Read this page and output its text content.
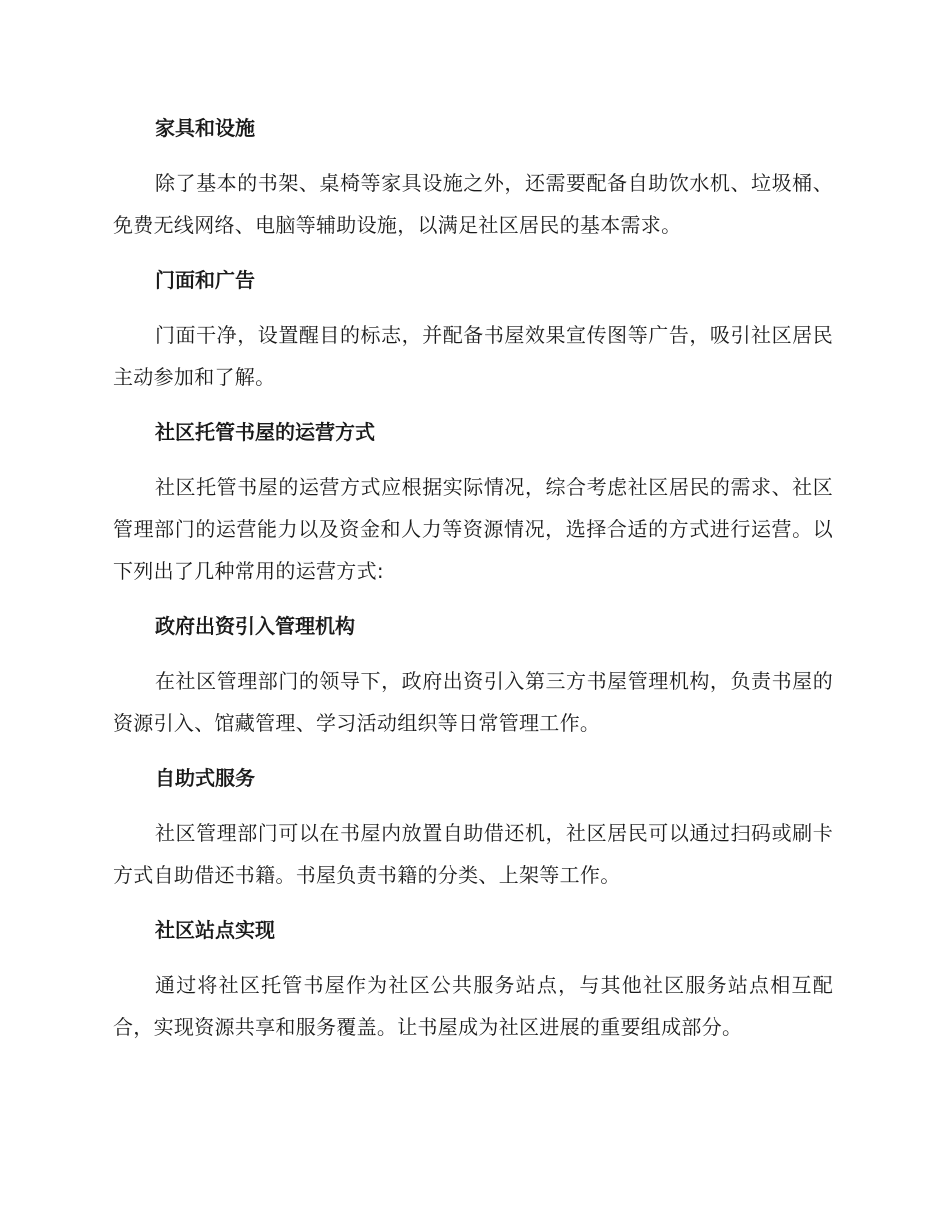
家具和设施

除了基本的书架、桌椅等家具设施之外，还需要配备自助饮水机、垃圾桶、免费无线网络、电脑等辅助设施，以满足社区居民的基本需求。

门面和广告

门面干净，设置醒目的标志，并配备书屋效果宣传图等广告，吸引社区居民主动参加和了解。

社区托管书屋的运营方式

社区托管书屋的运营方式应根据实际情况，综合考虑社区居民的需求、社区管理部门的运营能力以及资金和人力等资源情况，选择合适的方式进行运营。以下列出了几种常用的运营方式:

政府出资引入管理机构

在社区管理部门的领导下，政府出资引入第三方书屋管理机构，负责书屋的资源引入、馆藏管理、学习活动组织等日常管理工作。

自助式服务

社区管理部门可以在书屋内放置自助借还机，社区居民可以通过扫码或刷卡方式自助借还书籍。书屋负责书籍的分类、上架等工作。

社区站点实现

通过将社区托管书屋作为社区公共服务站点，与其他社区服务站点相互配合，实现资源共享和服务覆盖。让书屋成为社区进展的重要组成部分。
